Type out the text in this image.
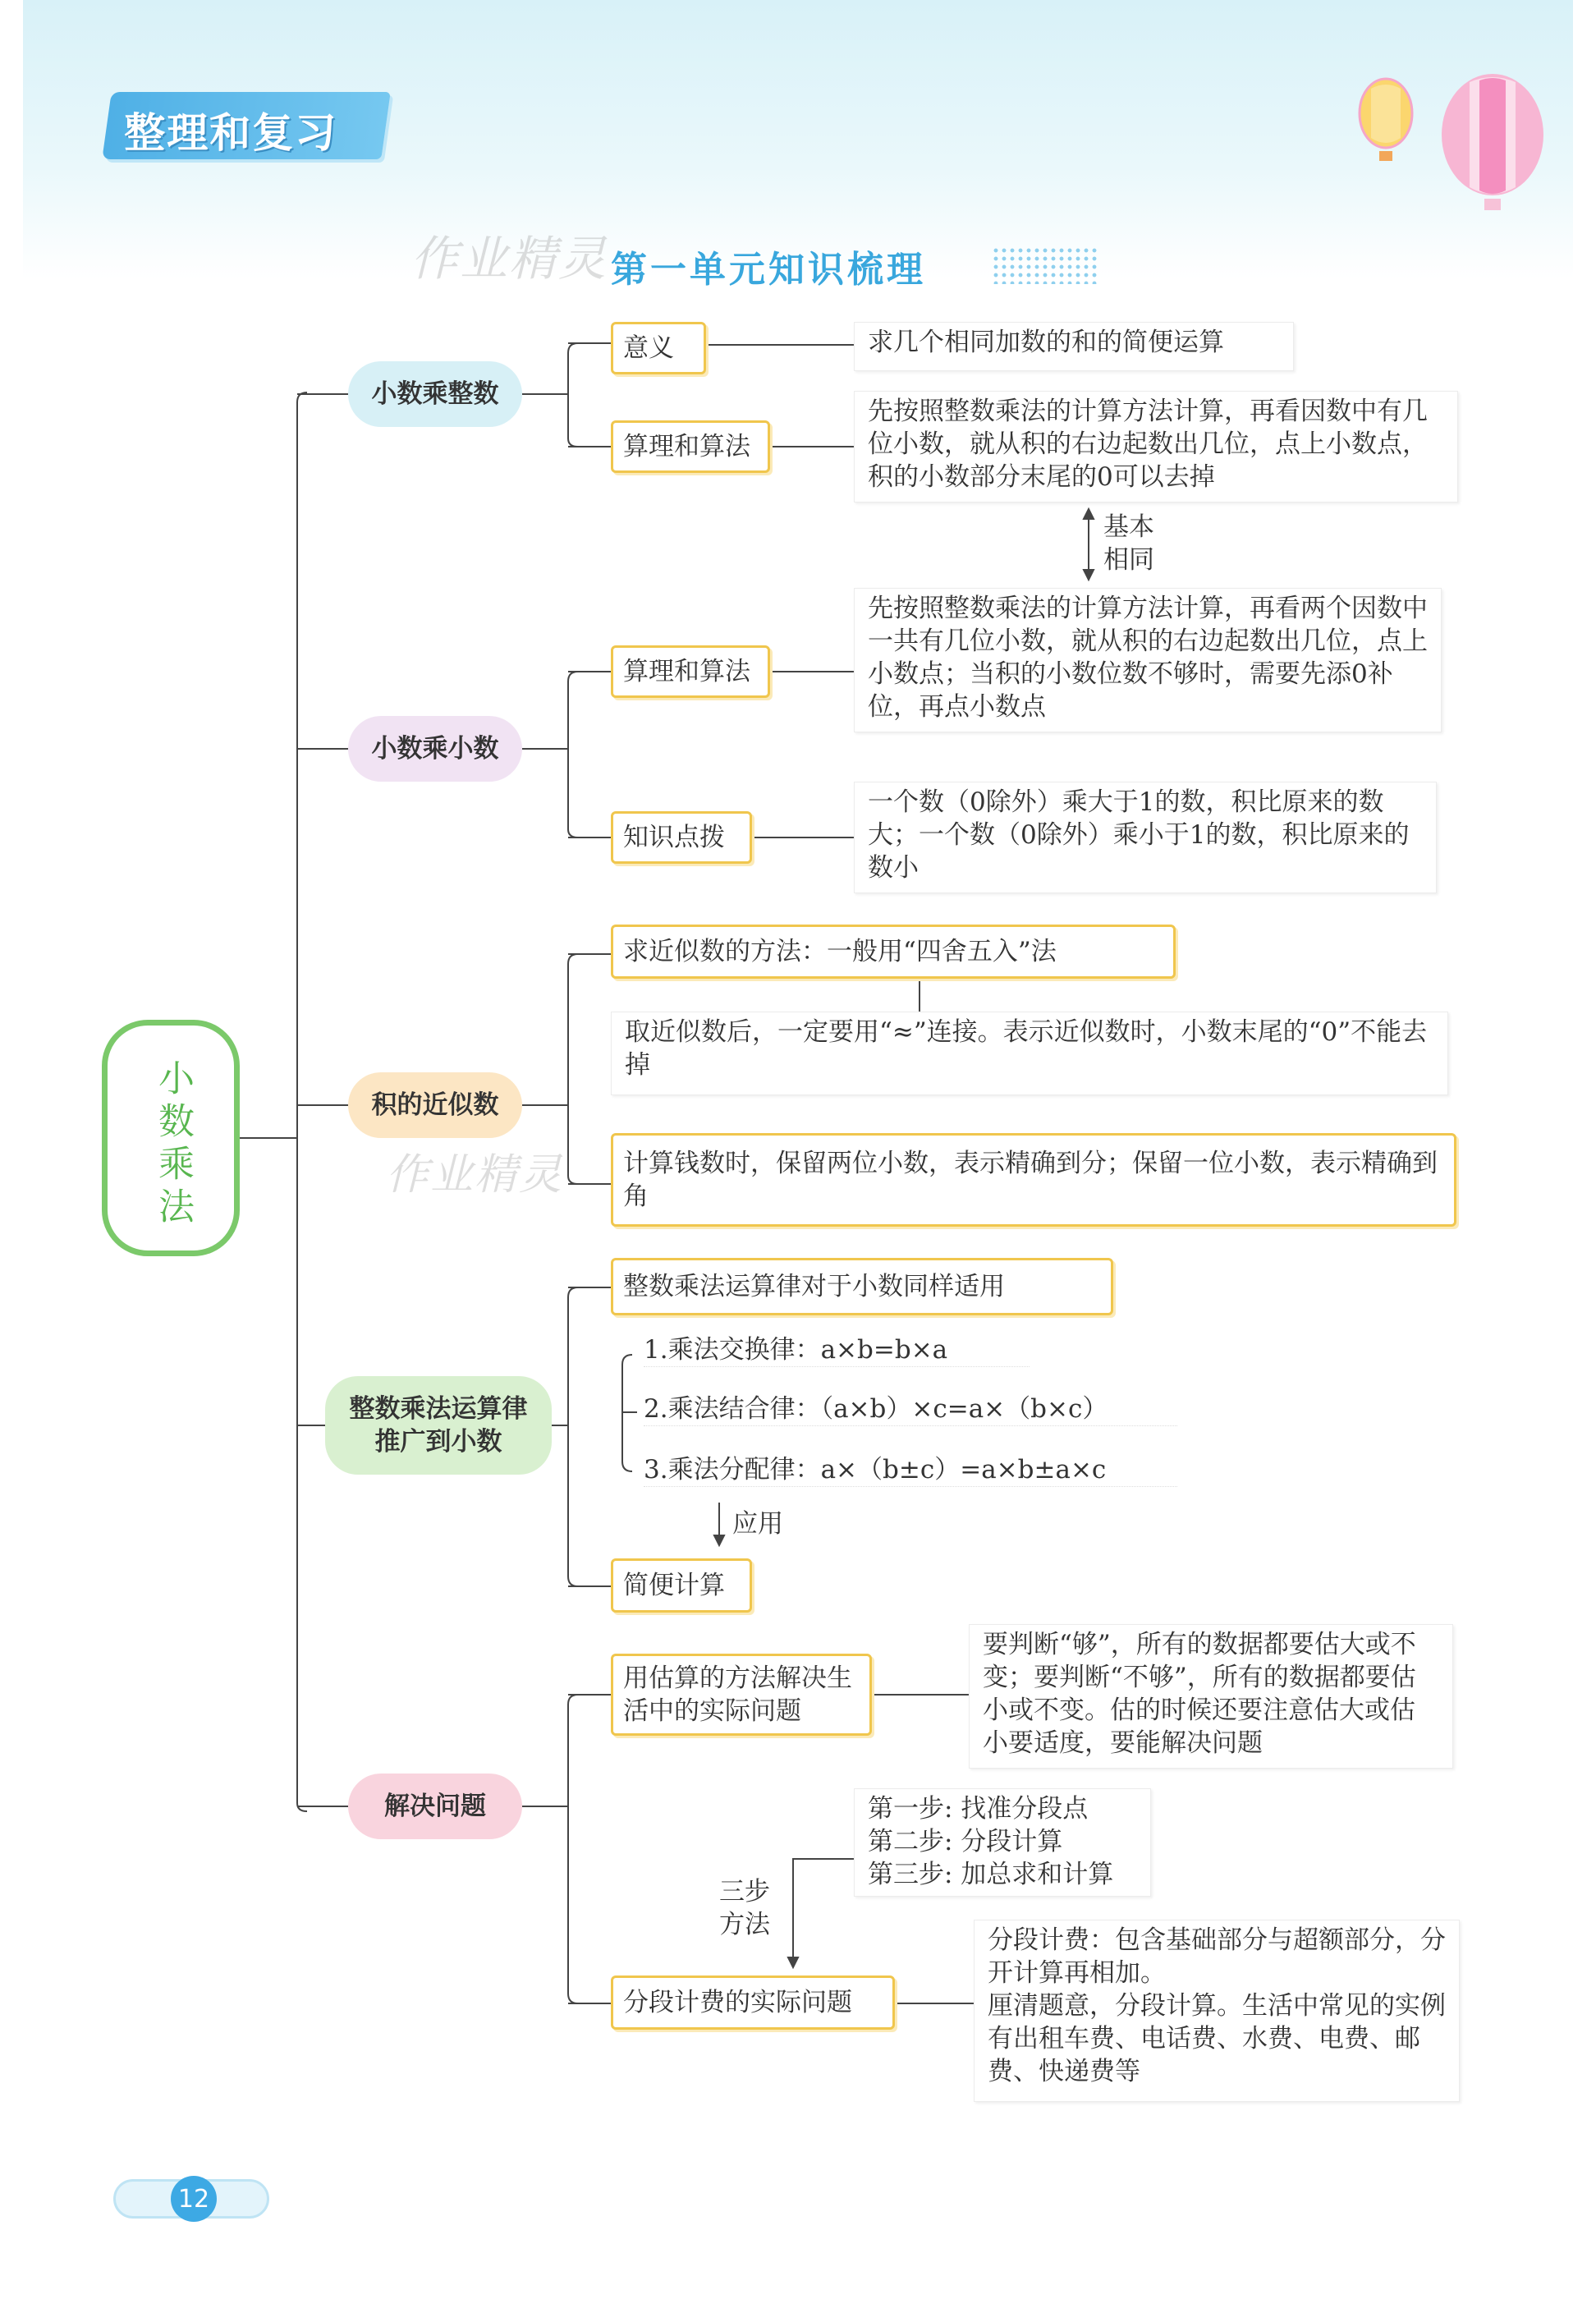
整理和复习
作业精灵 第一单元知识梳理
作业精灵
小数乘法
小数乘整数
小数乘小数
积的近似数
整数乘法运算律推广到小数
解决问题
意义	求几个相同加数的和的简便运算
算理和算法
先按照整数乘法的计算方法计算，再看因数中有几位小数，就从积的右边起数出几位，点上小数点，积的小数部分末尾的0可以去掉
基本相同
算理和算法
先按照整数乘法的计算方法计算，再看两个因数中一共有几位小数，就从积的右边起数出几位，点上小数点；当积的小数位数不够时，需要先添0补位，再点小数点
知识点拨
一个数（0除外）乘大于1的数，积比原来的数大；一个数（0除外）乘小于1的数，积比原来的数小
求近似数的方法：一般用“四舍五入”法
取近似数后，一定要用“≈”连接。表示近似数时，小数末尾的“0”不能去掉
计算钱数时，保留两位小数，表示精确到分；保留一位小数，表示精确到角
整数乘法运算律对于小数同样适用
1.乘法交换律：a×b=b×a
2.乘法结合律：（a×b）×c=a×（b×c）
3.乘法分配律：a×（b±c）=a×b±a×c
应用
简便计算
用估算的方法解决生活中的实际问题
要判断“够”，所有的数据都要估大或不变；要判断“不够”，所有的数据都要估小或不变。估的时候还要注意估大或估小要适度，要能解决问题
第一步: 找准分段点
第二步: 分段计算
第三步: 加总求和计算
三步方法
分段计费的实际问题
分段计费：包含基础部分与超额部分，分开计算再相加。
厘清题意，分段计算。生活中常见的实例有出租车费、电话费、水费、电费、邮费、快递费等
12
